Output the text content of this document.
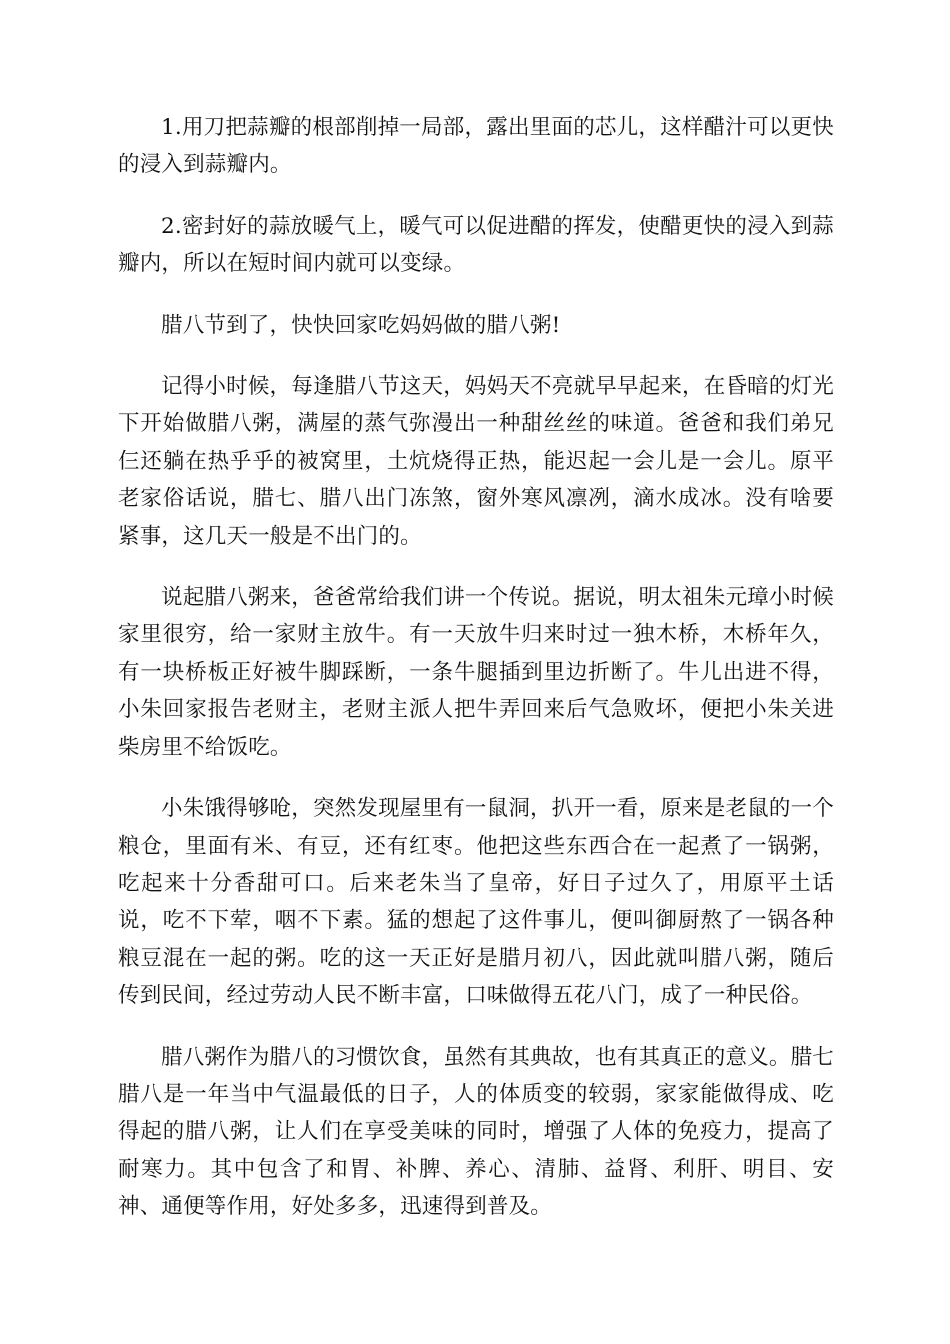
1.用刀把蒜瓣的根部削掉一局部，露出里面的芯儿，这样醋汁可以更快的浸入到蒜瓣内。

2.密封好的蒜放暖气上，暖气可以促进醋的挥发，使醋更快的浸入到蒜瓣内，所以在短时间内就可以变绿。

腊八节到了，快快回家吃妈妈做的腊八粥!

记得小时候，每逢腊八节这天，妈妈天不亮就早早起来，在昏暗的灯光下开始做腊八粥，满屋的蒸气弥漫出一种甜丝丝的味道。爸爸和我们弟兄仨还躺在热乎乎的被窝里，土炕烧得正热，能迟起一会儿是一会儿。原平老家俗话说，腊七、腊八出门冻煞，窗外寒风凛冽，滴水成冰。没有啥要紧事，这几天一般是不出门的。

说起腊八粥来，爸爸常给我们讲一个传说。据说，明太祖朱元璋小时候家里很穷，给一家财主放牛。有一天放牛归来时过一独木桥，木桥年久，有一块桥板正好被牛脚踩断，一条牛腿插到里边折断了。牛儿出进不得，小朱回家报告老财主，老财主派人把牛弄回来后气急败坏，便把小朱关进柴房里不给饭吃。

小朱饿得够呛，突然发现屋里有一鼠洞，扒开一看，原来是老鼠的一个粮仓，里面有米、有豆，还有红枣。他把这些东西合在一起煮了一锅粥，吃起来十分香甜可口。后来老朱当了皇帝，好日子过久了，用原平土话说，吃不下荤，咽不下素。猛的想起了这件事儿，便叫御厨熬了一锅各种粮豆混在一起的粥。吃的这一天正好是腊月初八，因此就叫腊八粥，随后传到民间，经过劳动人民不断丰富，口味做得五花八门，成了一种民俗。

腊八粥作为腊八的习惯饮食，虽然有其典故，也有其真正的意义。腊七腊八是一年当中气温最低的日子，人的体质变的较弱，家家能做得成、吃得起的腊八粥，让人们在享受美味的同时，增强了人体的免疫力，提高了耐寒力。其中包含了和胃、补脾、养心、清肺、益肾、利肝、明目、安神、通便等作用，好处多多，迅速得到普及。
